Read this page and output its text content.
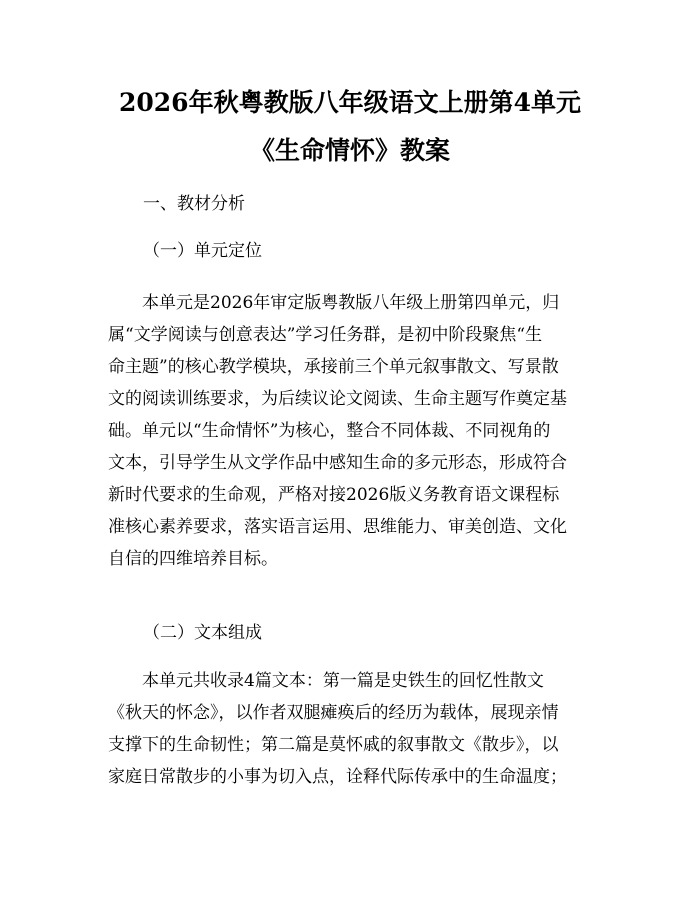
2026年秋粤教版八年级语文上册第4单元
《生命情怀》教案
一、教材分析
（一）单元定位
　　本单元是2026年审定版粤教版八年级上册第四单元，归
属“文学阅读与创意表达”学习任务群，是初中阶段聚焦“生
命主题”的核心教学模块，承接前三个单元叙事散文、写景散
文的阅读训练要求，为后续议论文阅读、生命主题写作奠定基
础。单元以“生命情怀”为核心，整合不同体裁、不同视角的
文本，引导学生从文学作品中感知生命的多元形态，形成符合
新时代要求的生命观，严格对接2026版义务教育语文课程标
准核心素养要求，落实语言运用、思维能力、审美创造、文化
自信的四维培养目标。
（二）文本组成
　　本单元共收录4篇文本：第一篇是史铁生的回忆性散文
《秋天的怀念》，以作者双腿瘫痪后的经历为载体，展现亲情
支撑下的生命韧性；第二篇是莫怀戚的叙事散文《散步》，以
家庭日常散步的小事为切入点，诠释代际传承中的生命温度；
